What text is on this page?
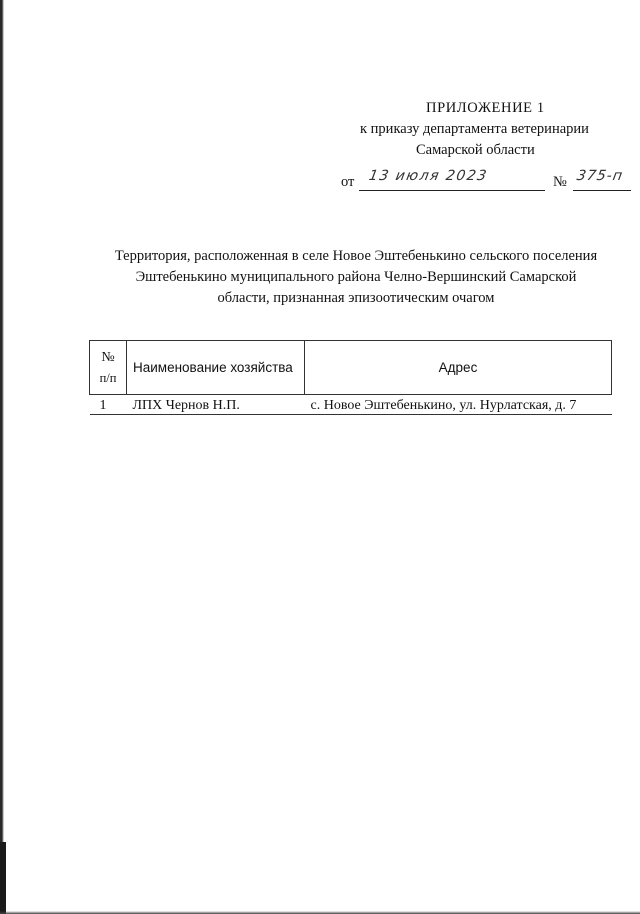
ПРИЛОЖЕНИЕ 1
к приказу департамента ветеринарии
Самарской области
от 13 июля 2023	№ 375-п
Территория, расположенная в селе Новое Эштебенькино сельского поселения
Эштебенькино муниципального района Челно-Вершинский Самарской
области, признанная эпизоотическим очагом
№
п/п	Наименование хозяйства	Адрес
1	ЛПХ Чернов Н.П.	с. Новое Эштебенькино, ул. Нурлатская, д. 7
